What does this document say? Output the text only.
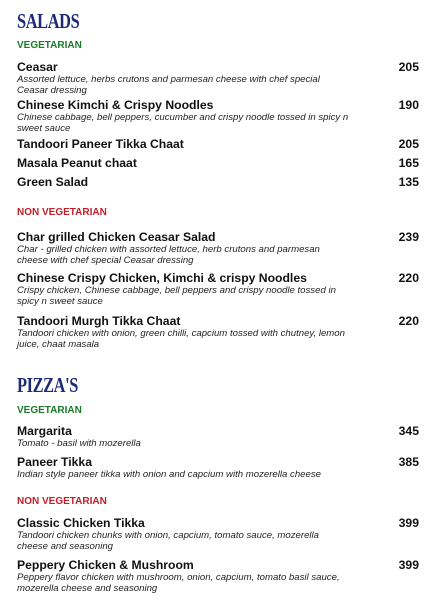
SALADS
VEGETARIAN
Ceasar	205
Assorted lettuce, herbs crutons and parmesan cheese with chef special Ceasar dressing
Chinese Kimchi & Crispy Noodles	190
Chinese cabbage, bell peppers, cucumber and crispy noodle tossed in spicy n sweet sauce
Tandoori Paneer Tikka Chaat	205
Masala Peanut chaat	165
Green Salad	135
NON VEGETARIAN
Char grilled Chicken Ceasar Salad	239
Char - grilled chicken with assorted lettuce, herb crutons and parmesan cheese with chef special Ceasar dressing
Chinese Crispy Chicken, Kimchi & crispy Noodles	220
Crispy chicken, Chinese cabbage, bell peppers and crispy noodle tossed in spicy n sweet sauce
Tandoori Murgh Tikka Chaat	220
Tandoori chicken with onion, green chilli, capcium tossed with chutney, lemon juice, chaat masala
PIZZA'S
VEGETARIAN
Margarita	345
Tomato - basil with mozerella
Paneer Tikka	385
Indian style paneer tikka with onion and capcium with mozerella cheese
NON VEGETARIAN
Classic Chicken Tikka	399
Tandoori chicken chunks with onion, capcium, tomato sauce, mozerella cheese and seasoning
Peppery Chicken & Mushroom	399
Peppery flavor chicken with mushroom, onion, capcium, tomato basil sauce, mozerella cheese and seasoning
